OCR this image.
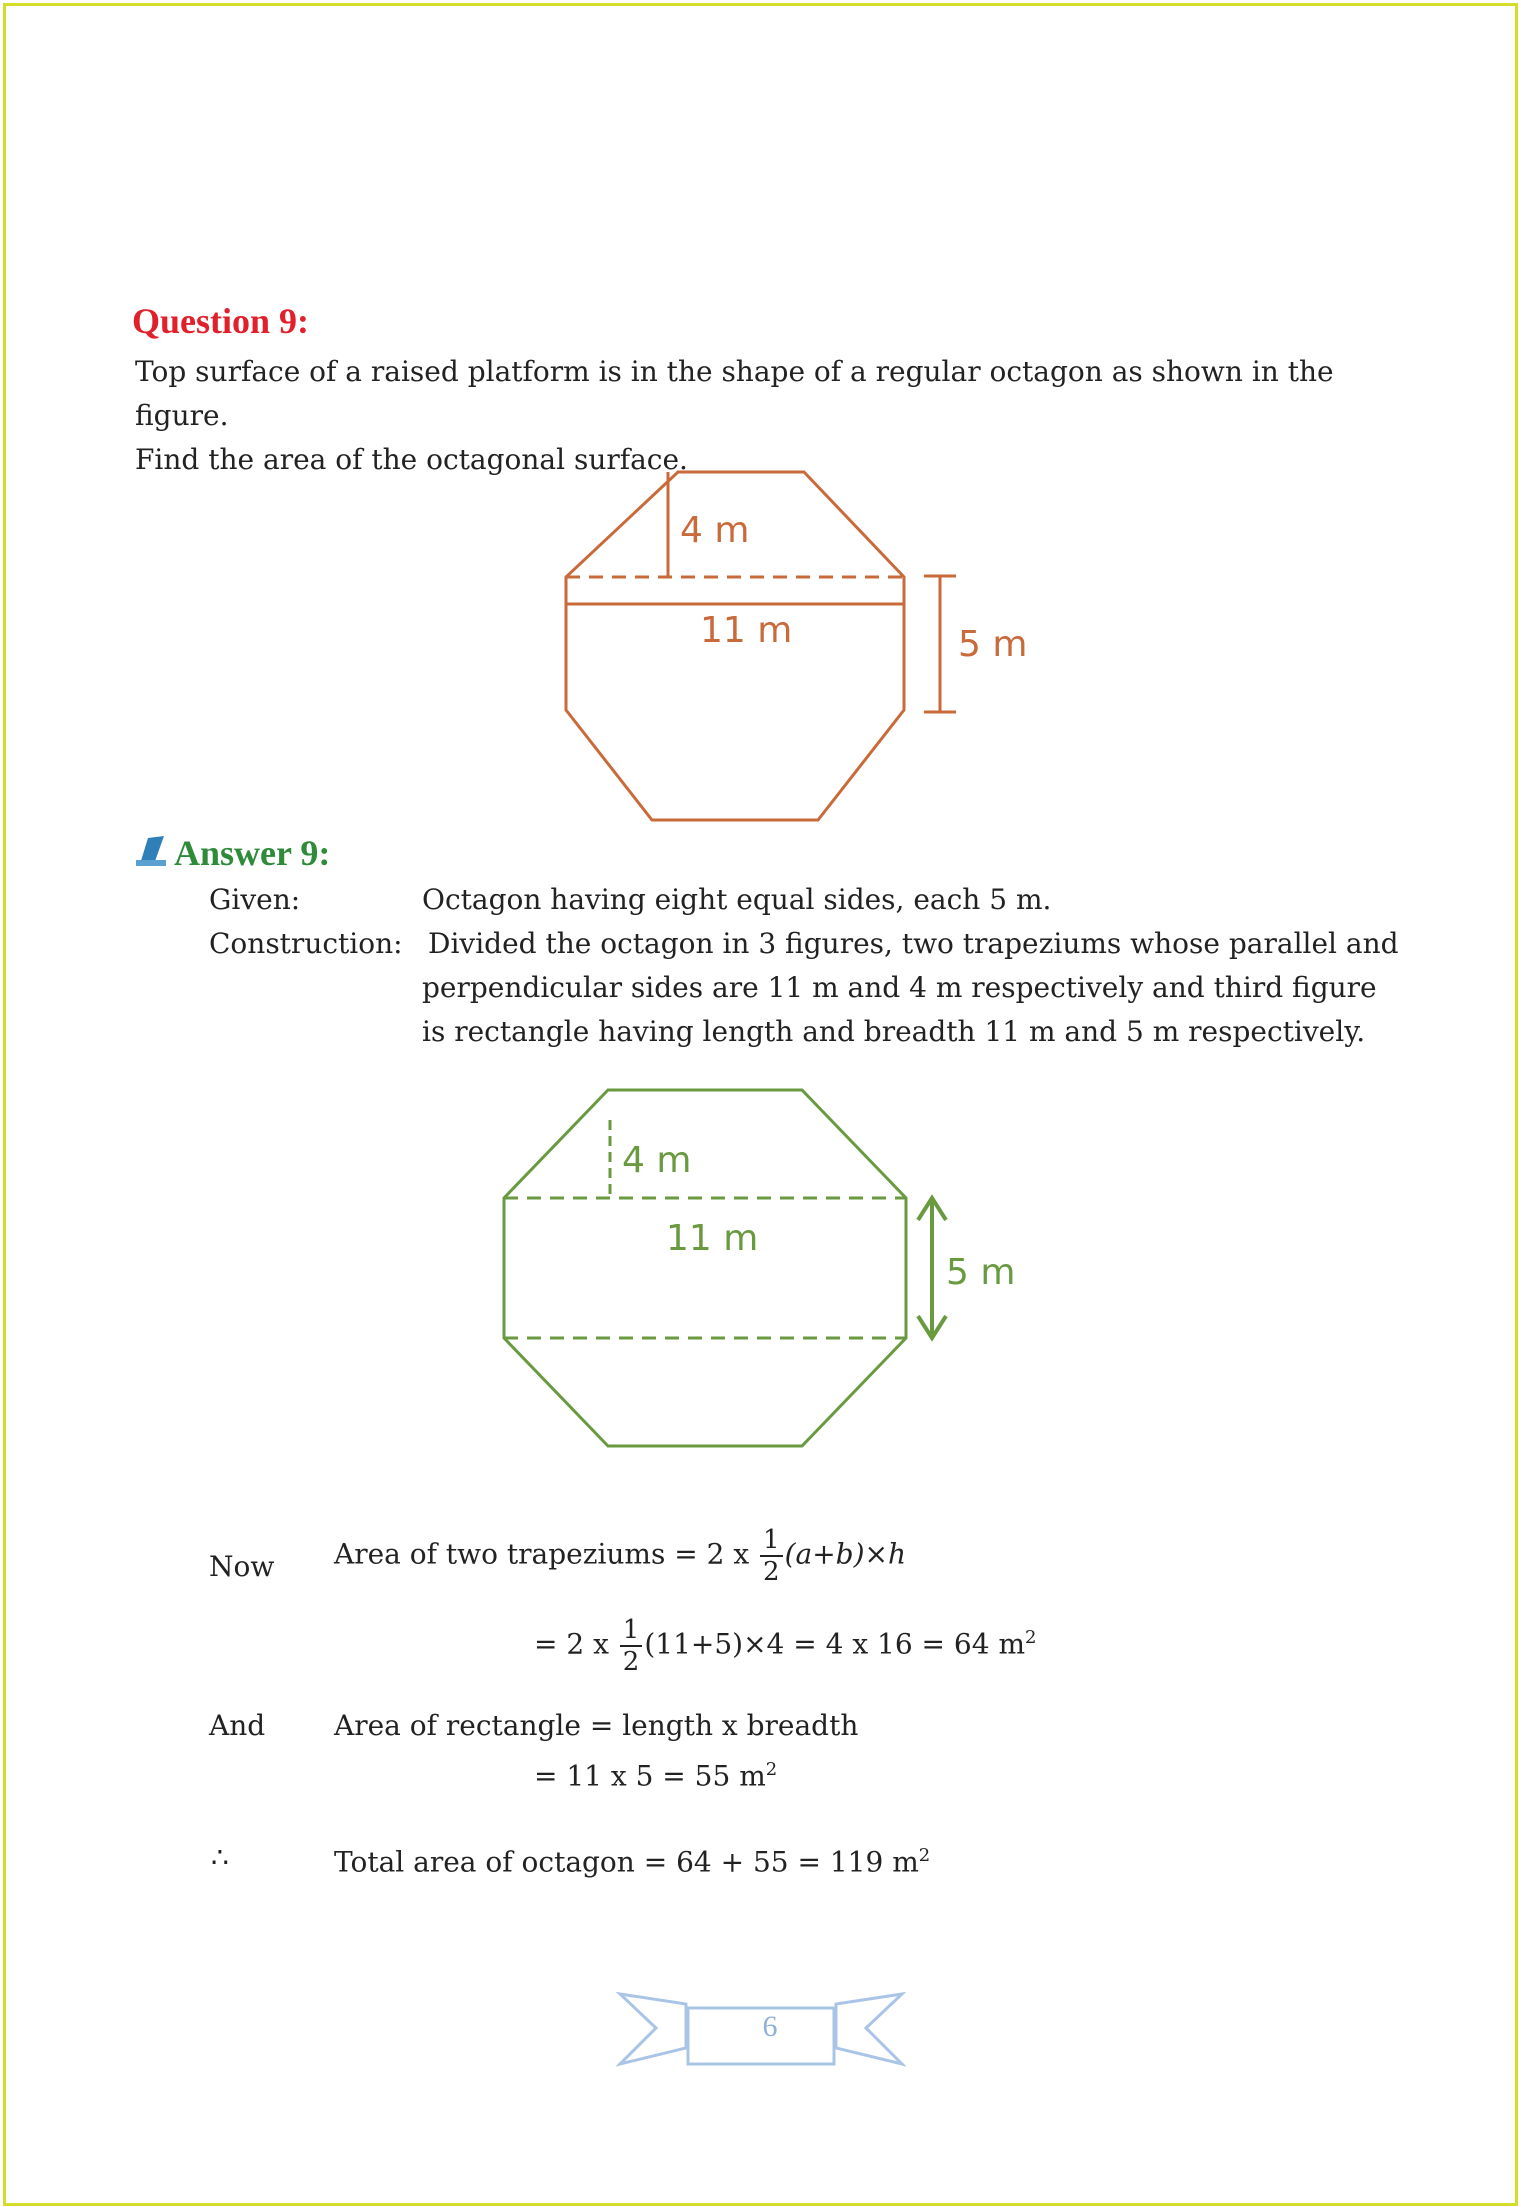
Question 9:
Top surface of a raised platform is in the shape of a regular octagon as shown in the figure.
Find the area of the octagonal surface.
4 m
11 m	5 m
Answer 9:
Given:	Octagon having eight equal sides, each 5 m.
Construction: Divided the octagon in 3 figures, two trapeziums whose parallel and
perpendicular sides are 11 m and 4 m respectively and third figure
is rectangle having length and breadth 11 m and 5 m respectively.
4 m
11 m
5 m
Now Area of two trapeziums = 2 x $\frac{1}{2} (a+b)\times h$
= 2 x $\frac{1}{2} (11+5)\times 4 = 4$ x 16 = 64 $m^2$
And Area of rectangle = length x breadth
= 11 x 5 = 55 $m^2$
∴	Total area of octagon = 64 + 55 = 119 $m^2$
6
